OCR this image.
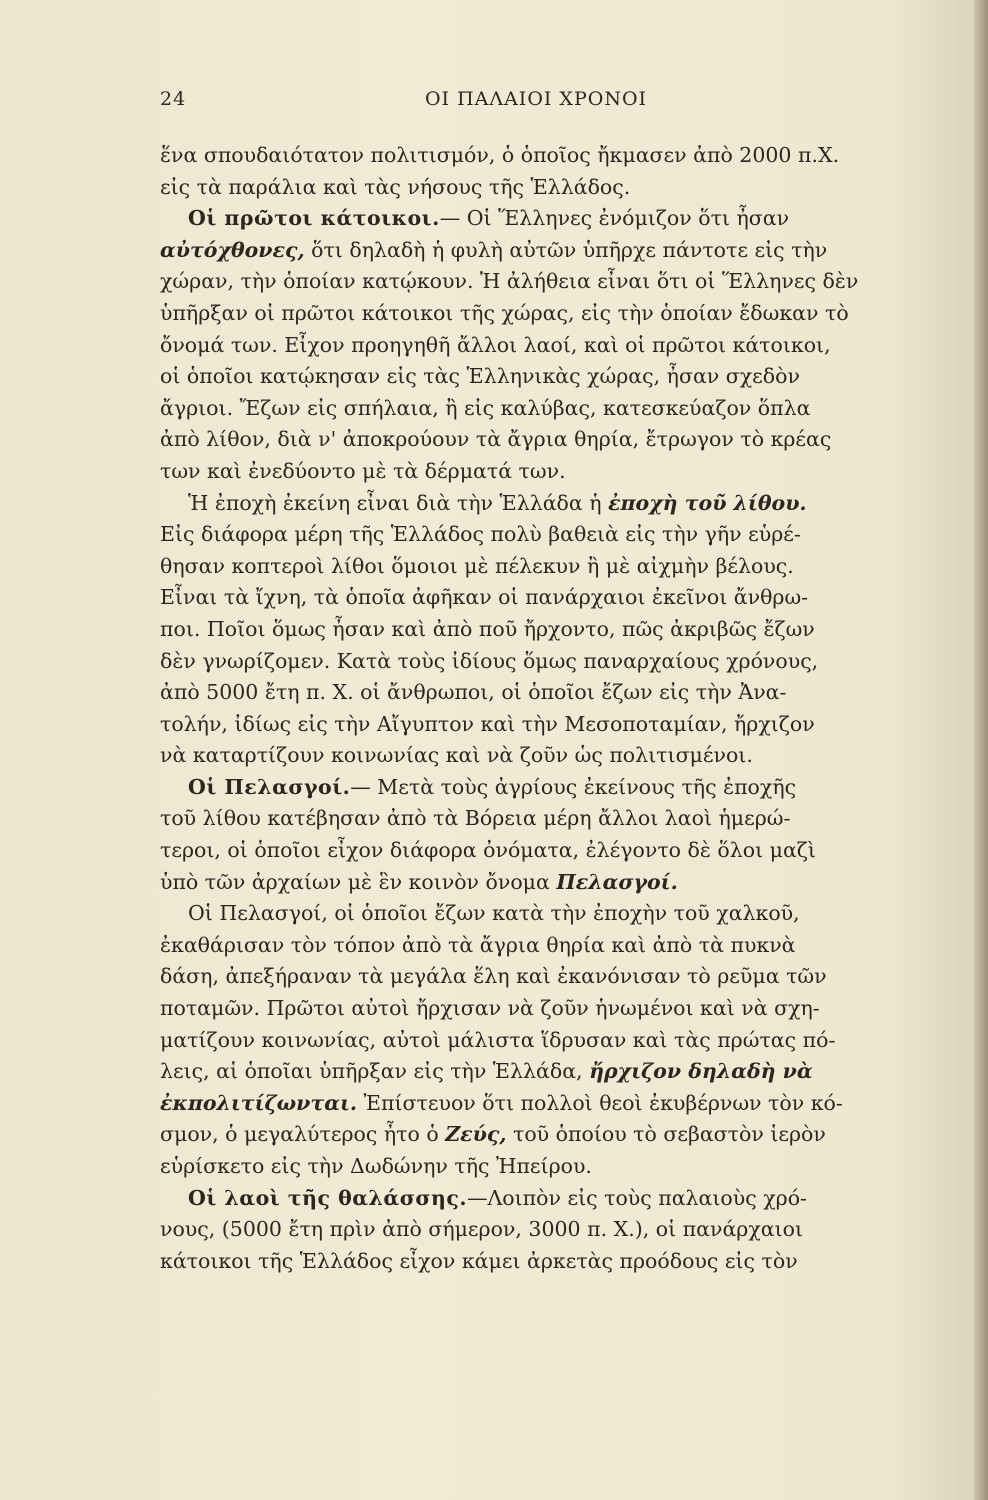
24	ΟΙ ΠΑΛΑΙΟΙ ΧΡΟΝΟΙ
ἕνα σπουδαιότατον πολιτισμόν, ὁ ὁποῖος ἤκμασεν ἀπὸ 2000 π.Χ.
εἰς τὰ παράλια καὶ τὰς νήσους τῆς Ἑλλάδος.
Οἱ πρῶτοι κάτοικοι.— Οἱ Ἕλληνες ἐνόμιζον ὅτι ἦσαν
αὐτόχθονες, ὅτι δηλαδὴ ἡ φυλὴ αὐτῶν ὑπῆρχε πάντοτε εἰς τὴν
χώραν, τὴν ὁποίαν κατῴκουν. Ἡ ἀλήθεια εἶναι ὅτι οἱ Ἕλληνες δὲν
ὑπῆρξαν οἱ πρῶτοι κάτοικοι τῆς χώρας, εἰς τὴν ὁποίαν ἔδωκαν τὸ
ὄνομά των. Εἶχον προηγηθῆ ἄλλοι λαοί, καὶ οἱ πρῶτοι κάτοικοι,
οἱ ὁποῖοι κατῴκησαν εἰς τὰς Ἑλληνικὰς χώρας, ἦσαν σχεδὸν
ἄγριοι. Ἔζων εἰς σπήλαια, ἢ εἰς καλύβας, κατεσκεύαζον ὅπλα
ἀπὸ λίθον, διὰ ν' ἀποκρούουν τὰ ἄγρια θηρία, ἔτρωγον τὸ κρέας
των καὶ ἐνεδύοντο μὲ τὰ δέρματά των.
Ἡ ἐποχὴ ἐκείνη εἶναι διὰ τὴν Ἑλλάδα ἡ ἐποχὴ τοῦ λίθου.
Εἰς διάφορα μέρη τῆς Ἑλλάδος πολὺ βαθειὰ εἰς τὴν γῆν εὑρέ-
θησαν κοπτεροὶ λίθοι ὅμοιοι μὲ πέλεκυν ἢ μὲ αἰχμὴν βέλους.
Εἶναι τὰ ἴχνη, τὰ ὁποῖα ἀφῆκαν οἱ πανάρχαιοι ἐκεῖνοι ἄνθρω-
ποι. Ποῖοι ὅμως ἦσαν καὶ ἀπὸ ποῦ ἤρχοντο, πῶς ἀκριβῶς ἔζων
δὲν γνωρίζομεν. Κατὰ τοὺς ἰδίους ὅμως παναρχαίους χρόνους,
ἀπὸ 5000 ἔτη π. Χ. οἱ ἄνθρωποι, οἱ ὁποῖοι ἔζων εἰς τὴν Ἀνα-
τολήν, ἰδίως εἰς τὴν Αἴγυπτον καὶ τὴν Μεσοποταμίαν, ἤρχιζον
νὰ καταρτίζουν κοινωνίας καὶ νὰ ζοῦν ὡς πολιτισμένοι.
Οἱ Πελασγοί.— Μετὰ τοὺς ἀγρίους ἐκείνους τῆς ἐποχῆς
τοῦ λίθου κατέβησαν ἀπὸ τὰ Βόρεια μέρη ἄλλοι λαοὶ ἡμερώ-
τεροι, οἱ ὁποῖοι εἶχον διάφορα ὀνόματα, ἐλέγοντο δὲ ὅλοι μαζὶ
ὑπὸ τῶν ἀρχαίων μὲ ἓν κοινὸν ὄνομα Πελασγοί.
Οἱ Πελασγοί, οἱ ὁποῖοι ἔζων κατὰ τὴν ἐποχὴν τοῦ χαλκοῦ,
ἐκαθάρισαν τὸν τόπον ἀπὸ τὰ ἄγρια θηρία καὶ ἀπὸ τὰ πυκνὰ
δάση, ἀπεξήραναν τὰ μεγάλα ἕλη καὶ ἐκανόνισαν τὸ ρεῦμα τῶν
ποταμῶν. Πρῶτοι αὐτοὶ ἤρχισαν νὰ ζοῦν ἡνωμένοι καὶ νὰ σχη-
ματίζουν κοινωνίας, αὐτοὶ μάλιστα ἵδρυσαν καὶ τὰς πρώτας πό-
λεις, αἱ ὁποῖαι ὑπῆρξαν εἰς τὴν Ἑλλάδα, ἤρχιζον δηλαδὴ νὰ
ἐκπολιτίζωνται. Ἐπίστευον ὅτι πολλοὶ θεοὶ ἐκυβέρνων τὸν κό-
σμον, ὁ μεγαλύτερος ἦτο ὁ Ζεύς, τοῦ ὁποίου τὸ σεβαστὸν ἱερὸν
εὑρίσκετο εἰς τὴν Δωδώνην τῆς Ἠπείρου.
Οἱ λαοὶ τῆς θαλάσσης.—Λοιπὸν εἰς τοὺς παλαιοὺς χρό-
νους, (5000 ἔτη πρὶν ἀπὸ σήμερον, 3000 π. Χ.), οἱ πανάρχαιοι
κάτοικοι τῆς Ἑλλάδος εἶχον κάμει ἀρκετὰς προόδους εἰς τὸν
